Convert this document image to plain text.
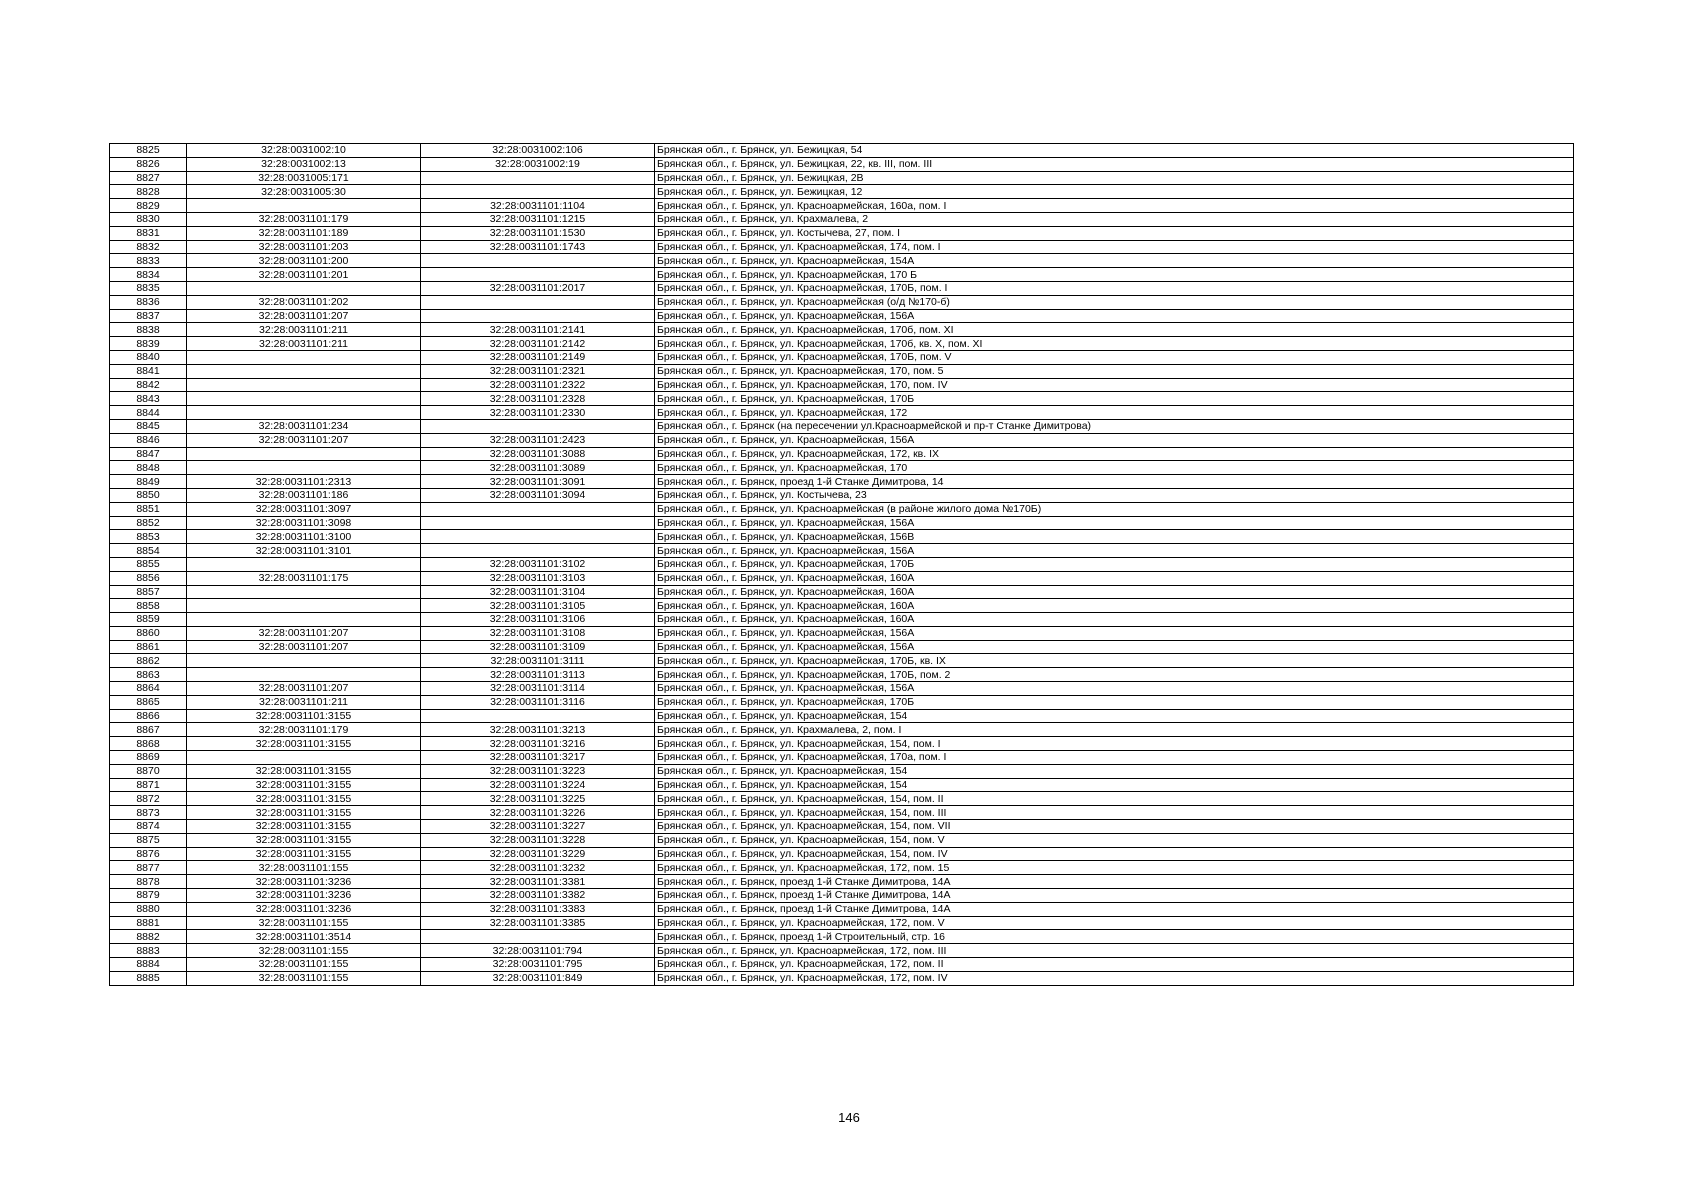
8825	32:28:0031002:10	32:28:0031002:106	Брянская обл., г. Брянск, ул. Бежицкая, 54
8826	32:28:0031002:13	32:28:0031002:19	Брянская обл., г. Брянск, ул. Бежицкая, 22, кв. III, пом. III
8827	32:28:0031005:171		Брянская обл., г. Брянск, ул. Бежицкая, 2В
8828	32:28:0031005:30		Брянская обл., г. Брянск, ул. Бежицкая, 12
8829		32:28:0031101:1104	Брянская обл., г. Брянск, ул. Красноармейская, 160а, пом. I
8830	32:28:0031101:179	32:28:0031101:1215	Брянская обл., г. Брянск, ул. Крахмалева, 2
8831	32:28:0031101:189	32:28:0031101:1530	Брянская обл., г. Брянск, ул. Костычева, 27, пом. I
8832	32:28:0031101:203	32:28:0031101:1743	Брянская обл., г. Брянск, ул. Красноармейская, 174, пом. I
8833	32:28:0031101:200		Брянская обл., г. Брянск, ул. Красноармейская, 154А
8834	32:28:0031101:201		Брянская обл., г. Брянск, ул. Красноармейская, 170 Б
8835		32:28:0031101:2017	Брянская обл., г. Брянск, ул. Красноармейская, 170Б, пом. I
8836	32:28:0031101:202		Брянская обл., г. Брянск, ул. Красноармейская (о/д №170-б)
8837	32:28:0031101:207		Брянская обл., г. Брянск, ул. Красноармейская, 156А
8838	32:28:0031101:211	32:28:0031101:2141	Брянская обл., г. Брянск, ул. Красноармейская, 170б, пом. XI
8839	32:28:0031101:211	32:28:0031101:2142	Брянская обл., г. Брянск, ул. Красноармейская, 170б, кв. X, пом. XI
8840		32:28:0031101:2149	Брянская обл., г. Брянск, ул. Красноармейская, 170Б, пом. V
8841		32:28:0031101:2321	Брянская обл., г. Брянск, ул. Красноармейская, 170, пом. 5
8842		32:28:0031101:2322	Брянская обл., г. Брянск, ул. Красноармейская, 170, пом. IV
8843		32:28:0031101:2328	Брянская обл., г. Брянск, ул. Красноармейская, 170Б
8844		32:28:0031101:2330	Брянская обл., г. Брянск, ул. Красноармейская, 172
8845	32:28:0031101:234		Брянская обл., г. Брянск (на пересечении ул.Красноармейской и пр-т Станке Димитрова)
8846	32:28:0031101:207	32:28:0031101:2423	Брянская обл., г. Брянск, ул. Красноармейская, 156А
8847		32:28:0031101:3088	Брянская обл., г. Брянск, ул. Красноармейская, 172, кв. IX
8848		32:28:0031101:3089	Брянская обл., г. Брянск, ул. Красноармейская, 170
8849	32:28:0031101:2313	32:28:0031101:3091	Брянская обл., г. Брянск, проезд 1-й Станке Димитрова, 14
8850	32:28:0031101:186	32:28:0031101:3094	Брянская обл., г. Брянск, ул. Костычева, 23
8851	32:28:0031101:3097		Брянская обл., г. Брянск, ул. Красноармейская (в районе жилого дома №170Б)
8852	32:28:0031101:3098		Брянская обл., г. Брянск, ул. Красноармейская, 156А
8853	32:28:0031101:3100		Брянская обл., г. Брянск, ул. Красноармейская, 156В
8854	32:28:0031101:3101		Брянская обл., г. Брянск, ул. Красноармейская, 156А
8855		32:28:0031101:3102	Брянская обл., г. Брянск, ул. Красноармейская, 170Б
8856	32:28:0031101:175	32:28:0031101:3103	Брянская обл., г. Брянск, ул. Красноармейская, 160А
8857		32:28:0031101:3104	Брянская обл., г. Брянск, ул. Красноармейская, 160А
8858		32:28:0031101:3105	Брянская обл., г. Брянск, ул. Красноармейская, 160А
8859		32:28:0031101:3106	Брянская обл., г. Брянск, ул. Красноармейская, 160А
8860	32:28:0031101:207	32:28:0031101:3108	Брянская обл., г. Брянск, ул. Красноармейская, 156А
8861	32:28:0031101:207	32:28:0031101:3109	Брянская обл., г. Брянск, ул. Красноармейская, 156А
8862		32:28:0031101:3111	Брянская обл., г. Брянск, ул. Красноармейская, 170Б, кв. IX
8863		32:28:0031101:3113	Брянская обл., г. Брянск, ул. Красноармейская, 170Б, пом. 2
8864	32:28:0031101:207	32:28:0031101:3114	Брянская обл., г. Брянск, ул. Красноармейская, 156А
8865	32:28:0031101:211	32:28:0031101:3116	Брянская обл., г. Брянск, ул. Красноармейская, 170Б
8866	32:28:0031101:3155		Брянская обл., г. Брянск, ул. Красноармейская, 154
8867	32:28:0031101:179	32:28:0031101:3213	Брянская обл., г. Брянск, ул. Крахмалева, 2, пом. I
8868	32:28:0031101:3155	32:28:0031101:3216	Брянская обл., г. Брянск, ул. Красноармейская, 154, пом. I
8869		32:28:0031101:3217	Брянская обл., г. Брянск, ул. Красноармейская, 170а, пом. I
8870	32:28:0031101:3155	32:28:0031101:3223	Брянская обл., г. Брянск, ул. Красноармейская, 154
8871	32:28:0031101:3155	32:28:0031101:3224	Брянская обл., г. Брянск, ул. Красноармейская, 154
8872	32:28:0031101:3155	32:28:0031101:3225	Брянская обл., г. Брянск, ул. Красноармейская, 154, пом. II
8873	32:28:0031101:3155	32:28:0031101:3226	Брянская обл., г. Брянск, ул. Красноармейская, 154, пом. III
8874	32:28:0031101:3155	32:28:0031101:3227	Брянская обл., г. Брянск, ул. Красноармейская, 154, пом. VII
8875	32:28:0031101:3155	32:28:0031101:3228	Брянская обл., г. Брянск, ул. Красноармейская, 154, пом. V
8876	32:28:0031101:3155	32:28:0031101:3229	Брянская обл., г. Брянск, ул. Красноармейская, 154, пом. IV
8877	32:28:0031101:155	32:28:0031101:3232	Брянская обл., г. Брянск, ул. Красноармейская, 172, пом. 15
8878	32:28:0031101:3236	32:28:0031101:3381	Брянская обл., г. Брянск, проезд 1-й Станке Димитрова, 14А
8879	32:28:0031101:3236	32:28:0031101:3382	Брянская обл., г. Брянск, проезд 1-й Станке Димитрова, 14А
8880	32:28:0031101:3236	32:28:0031101:3383	Брянская обл., г. Брянск, проезд 1-й Станке Димитрова, 14А
8881	32:28:0031101:155	32:28:0031101:3385	Брянская обл., г. Брянск, ул. Красноармейская, 172, пом. V
8882	32:28:0031101:3514		Брянская обл., г. Брянск, проезд 1-й Строительный, стр. 16
8883	32:28:0031101:155	32:28:0031101:794	Брянская обл., г. Брянск, ул. Красноармейская, 172, пом. III
8884	32:28:0031101:155	32:28:0031101:795	Брянская обл., г. Брянск, ул. Красноармейская, 172, пом. II
8885	32:28:0031101:155	32:28:0031101:849	Брянская обл., г. Брянск, ул. Красноармейская, 172, пом. IV
146
